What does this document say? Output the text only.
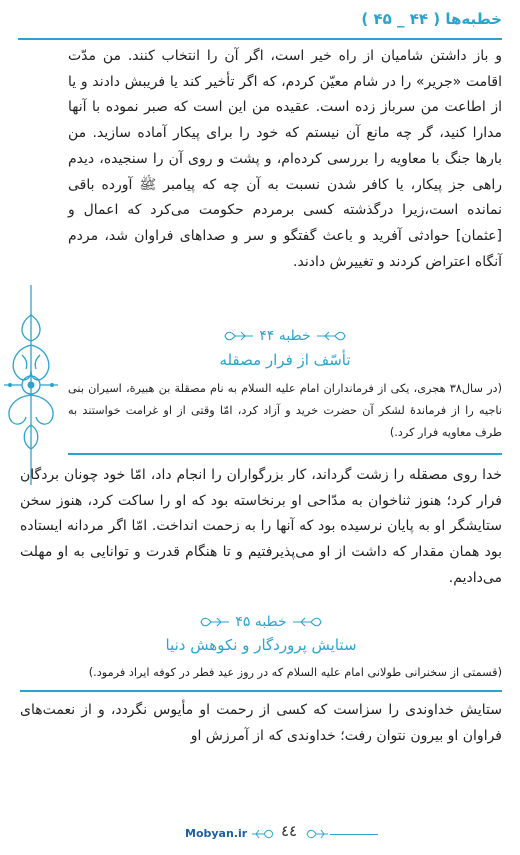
خطبه‌ها ( ۴۴ _ ۴۵ )
و باز داشتن شامیان از راه خیر است، اگر آن را انتخاب كنند. من مدّت اقامت «جریر» را در شام معیّن كردم، كه اگر تأخیر كند یا فریبش دادند و یا از اطاعت من سرباز زده است. عقیده من این است كه صبر نموده با آنها مدارا كنید، گر چه مانع آن نیستم كه خود را برای پیكار آماده سازید. من بارها جنگ با معاویه را بررسی كرده‌ام، و پشت و روی آن را سنجیده، دیدم راهی جز پیكار، یا كافر شدن نسبت به آن چه كه پیامبر ﷺ آورده باقی نمانده است،زیرا درگذشته كسی برمردم حكومت می‌كرد كه اعمال و [عثمان] حوادثی آفرید و باعث گفتگو و سر و صداهای فراوان شد، مردم آنگاه اعتراض كردند و تغییرش دادند.
خطبه ۴۴
تأسّف از فرار مصقله
(در سال۳۸ هجری، یكی از فرمانداران امام علیه السلام به نام مصقلة بن هبیرة، اسیران بنی ناجیه را از فرماندهٔ لشكر آن حضرت خرید و آزاد كرد، امّا وقتی از او غرامت خواستند به طرف معاویه فرار كرد.)
خدا روی مصقله را زشت گرداند، كار بزرگواران را انجام داد، امّا خود چونان بردگان فرار كرد؛ هنوز ثناخوان به مدّاحی او برنخاسته بود كه او را ساكت كرد، هنوز سخن ستایشگر او به پایان نرسیده بود كه آنها را به زحمت انداخت. امّا اگر مردانه ایستاده بود همان مقدار كه داشت از او می‌پذیرفتیم و تا هنگام قدرت و توانایی به او مهلت می‌دادیم.
خطبه ۴۵
ستایش پروردگار و نكوهش دنیا
(قسمتی از سخنرانی طولانی امام علیه السلام كه در روز عید فطر در كوفه ایراد فرمود.)
ستایش خداوندی را سزاست كه كسی از رحمت او مأیوس نگردد، و از نعمت‌های فراوان او بیرون نتوان رفت؛ خداوندی كه از آمرزش او
Mobyan.ir ٤٤
